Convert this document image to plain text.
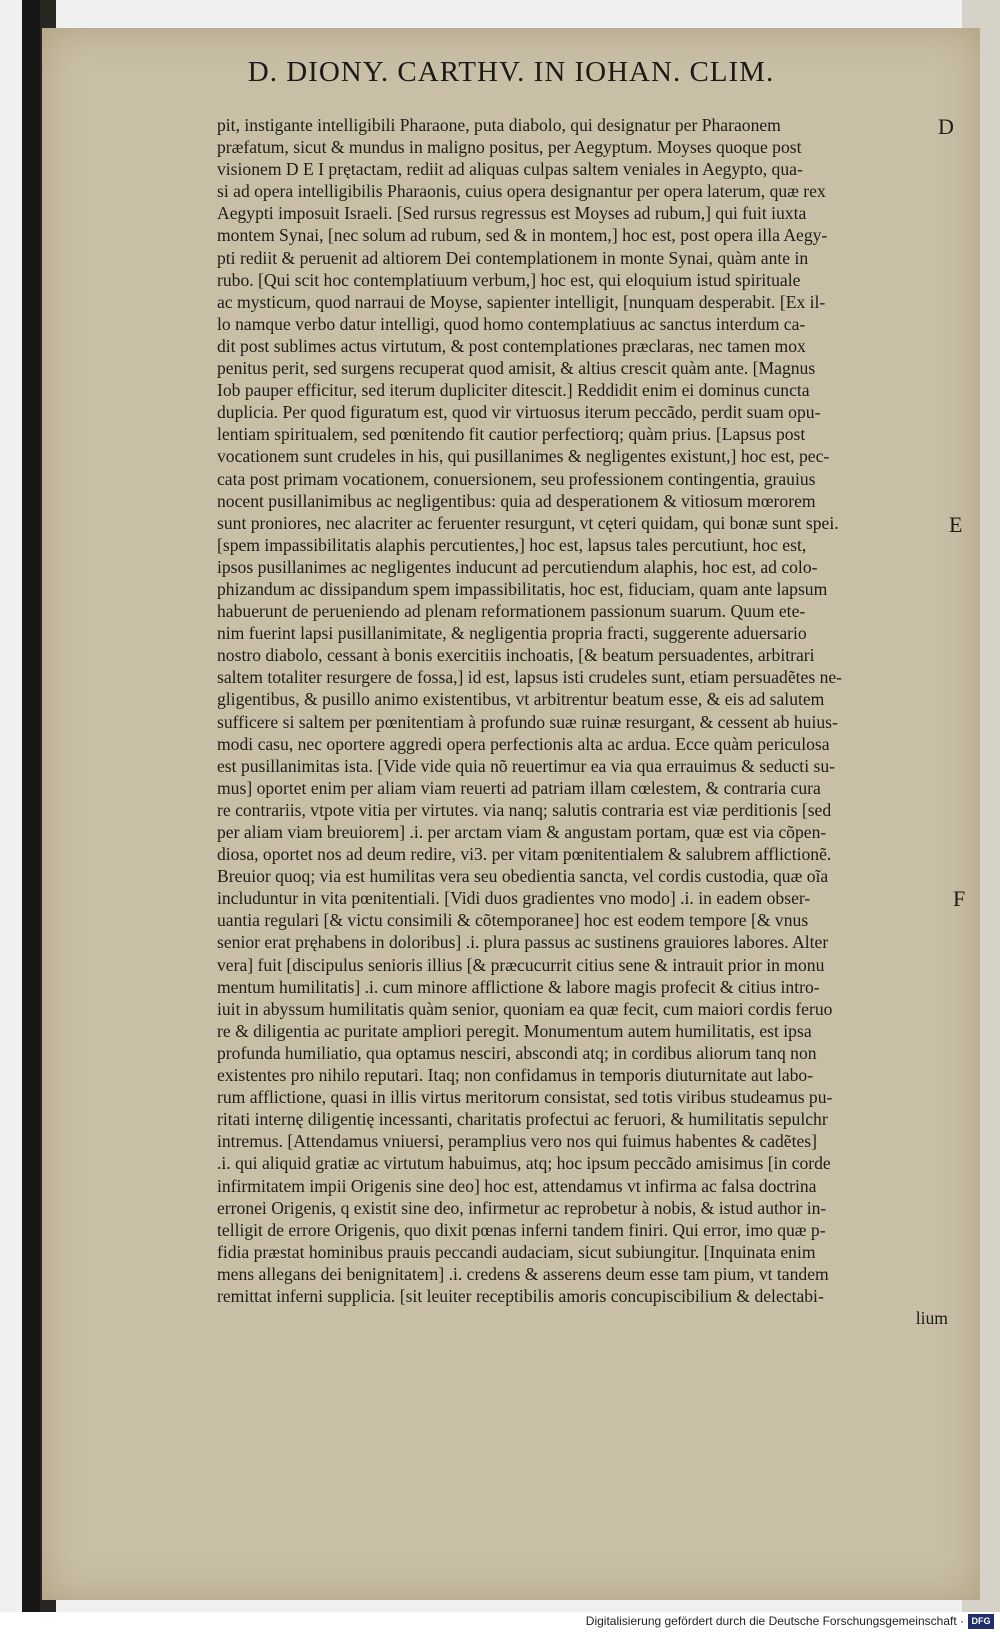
D. DIONY. CARTHV. IN IOHAN. CLIM.
pit, instigante intelligibili Pharaone, puta diabolo, qui designatur per Pharaonem
præfatum, sicut & mundus in maligno positus, per Aegyptum. Moyses quoque post
visionem D E I prętactam, rediit ad aliquas culpas saltem veniales in Aegypto, qua-
si ad opera intelligibilis Pharaonis, cuius opera designantur per opera laterum, quæ rex
Aegypti imposuit Israeli. [Sed rursus regressus est Moyses ad rubum,] qui fuit iuxta
montem Synai, [nec solum ad rubum, sed & in montem,] hoc est, post opera illa Aegy-
pti rediit & peruenit ad altiorem Dei contemplationem in monte Synai, quàm ante in
rubo. [Qui scit hoc contemplatiuum verbum,] hoc est, qui eloquium istud spirituale
ac mysticum, quod narraui de Moyse, sapienter intelligit, [nunquam desperabit. [Ex il-
lo namque verbo datur intelligi, quod homo contemplatiuus ac sanctus interdum ca-
dit post sublimes actus virtutum, & post contemplationes præclaras, nec tamen mox
penitus perit, sed surgens recuperat quod amisit, & altius crescit quàm ante. [Magnus
Iob pauper efficitur, sed iterum dupliciter ditescit.] Reddidit enim ei dominus cuncta
duplicia. Per quod figuratum est, quod vir virtuosus iterum peccãdo, perdit suam opu-
lentiam spiritualem, sed pœnitendo fit cautior perfectiorq; quàm prius. [Lapsus post
vocationem sunt crudeles in his, qui pusillanimes & negligentes existunt,] hoc est, pec-
cata post primam vocationem, conuersionem, seu professionem contingentia, grauius
nocent pusillanimibus ac negligentibus: quia ad desperationem & vitiosum mœrorem
sunt proniores, nec alacriter ac feruenter resurgunt, vt cęteri quidam, qui bonæ sunt spei.
[spem impassibilitatis alaphis percutientes,] hoc est, lapsus tales percutiunt, hoc est,
ipsos pusillanimes ac negligentes inducunt ad percutiendum alaphis, hoc est, ad colo-
phizandum ac dissipandum spem impassibilitatis, hoc est, fiduciam, quam ante lapsum
habuerunt de perueniendo ad plenam reformationem passionum suarum. Quum ete-
nim fuerint lapsi pusillanimitate, & negligentia propria fracti, suggerente aduersario
nostro diabolo, cessant à bonis exercitiis inchoatis, [& beatum persuadentes, arbitrari
saltem totaliter resurgere de fossa,] id est, lapsus isti crudeles sunt, etiam persuadẽtes ne-
gligentibus, & pusillo animo existentibus, vt arbitrentur beatum esse, & eis ad salutem
sufficere si saltem per pœnitentiam à profundo suæ ruinæ resurgant, & cessent ab huius-
modi casu, nec oportere aggredi opera perfectionis alta ac ardua. Ecce quàm periculosa
est pusillanimitas ista. [Vide vide quia nõ reuertimur ea via qua errauimus & seducti su-
mus] oportet enim per aliam viam reuerti ad patriam illam cœlestem, & contraria cura
re contrariis, vtpote vitia per virtutes. via nanq; salutis contraria est viæ perditionis [sed
per aliam viam breuiorem] .i. per arctam viam & angustam portam, quæ est via cõpen-
diosa, oportet nos ad deum redire, vi3. per vitam pœnitentialem & salubrem afflictionẽ.
Breuior quoq; via est humilitas vera seu obedientia sancta, vel cordis custodia, quæ oĩa
includuntur in vita pœnitentiali. [Vidi duos gradientes vno modo] .i. in eadem obser-
uantia regulari [& victu consimili & cõtemporanee] hoc est eodem tempore [& vnus
senior erat pręhabens in doloribus] .i. plura passus ac sustinens grauiores labores. Alter
vera] fuit [discipulus senioris illius [& præcucurrit citius sene & intrauit prior in monu
mentum humilitatis] .i. cum minore afflictione & labore magis profecit & citius intro-
iuit in abyssum humilitatis quàm senior, quoniam ea quæ fecit, cum maiori cordis feruo
re & diligentia ac puritate ampliori peregit. Monumentum autem humilitatis, est ipsa
profunda humiliatio, qua optamus nesciri, abscondi atq; in cordibus aliorum tanq non
existentes pro nihilo reputari. Itaq; non confidamus in temporis diuturnitate aut labo-
rum afflictione, quasi in illis virtus meritorum consistat, sed totis viribus studeamus pu-
ritati internę diligentię incessanti, charitatis profectui ac feruori, & humilitatis sepulchr
intremus. [Attendamus vniuersi, peramplius vero nos qui fuimus habentes & cadẽtes]
.i. qui aliquid gratiæ ac virtutum habuimus, atq; hoc ipsum peccãdo amisimus [in corde
infirmitatem impii Origenis sine deo] hoc est, attendamus vt infirma ac falsa doctrina
erronei Origenis, q existit sine deo, infirmetur ac reprobetur à nobis, & istud author in-
telligit de errore Origenis, quo dixit pœnas inferni tandem finiri. Qui error, imo quæ p-
fidia præstat hominibus prauis peccandi audaciam, sicut subiungitur. [Inquinata enim
mens allegans dei benignitatem] .i. credens & asserens deum esse tam pium, vt tandem
remittat inferni supplicia. [sit leuiter receptibilis amoris concupiscibilium & delectabi-
lium
D
E
F
Digitalisierung gefördert durch die Deutsche Forschungsgemeinschaft · DFG
